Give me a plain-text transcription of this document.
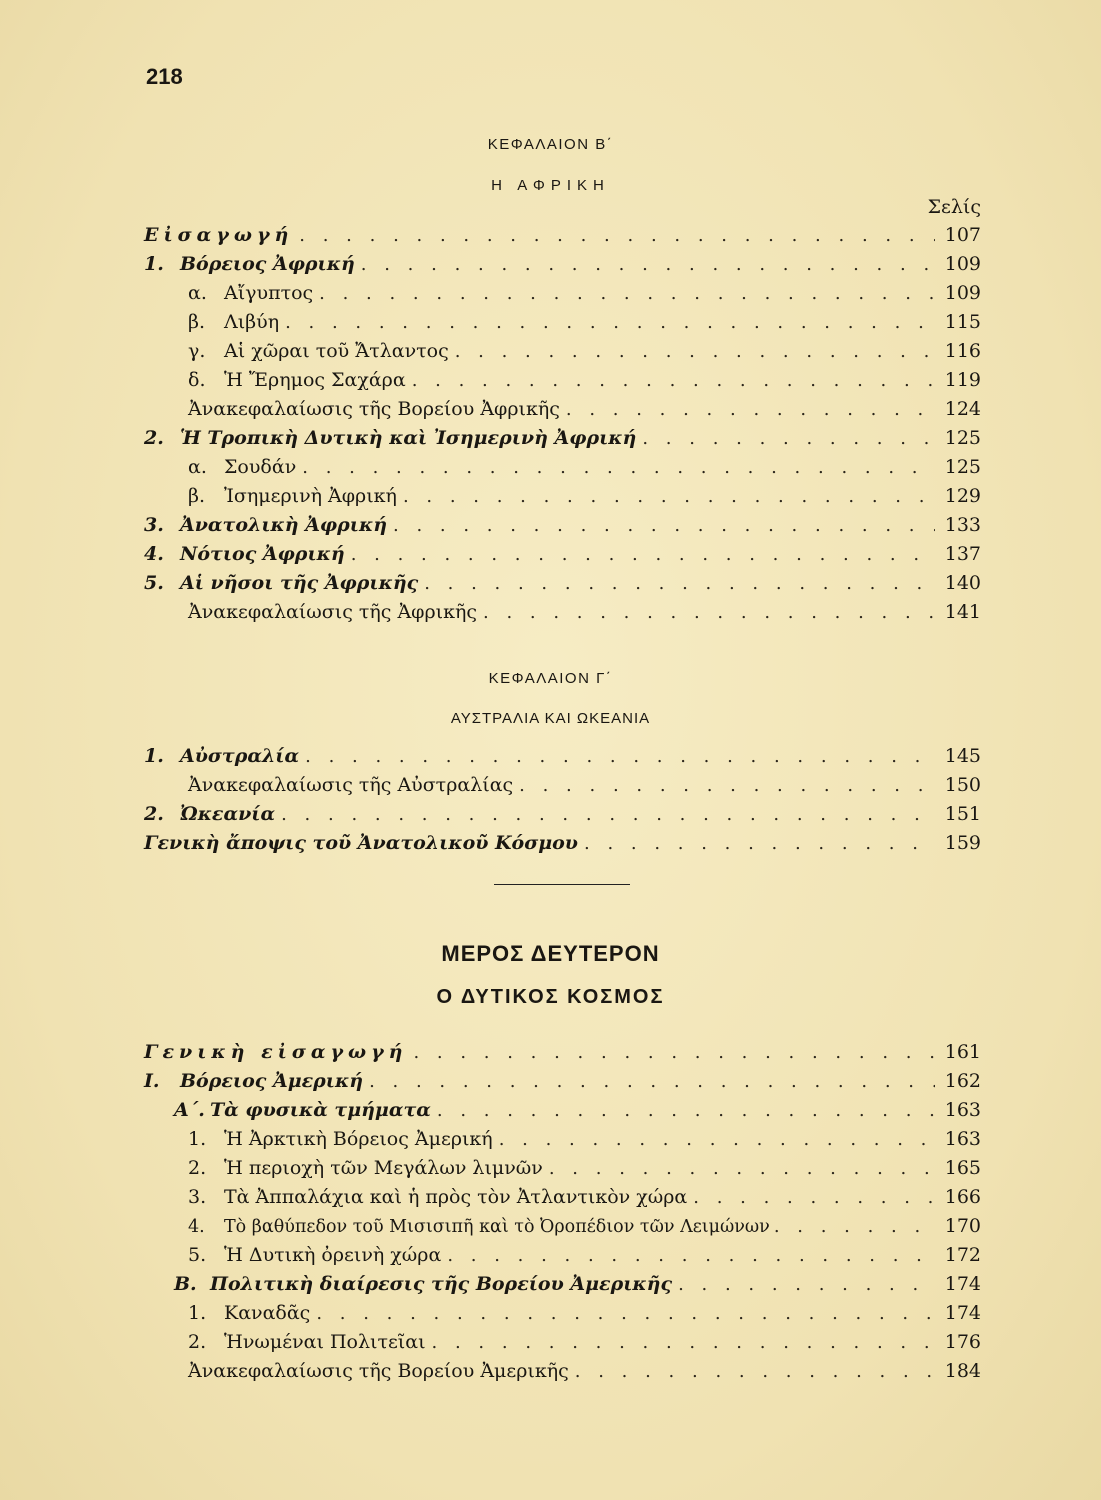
218
ΚΕΦΑΛΑΙΟΝ Β΄
Η ΑΦΡΙΚΗ
Σελίς
Εἰσαγωγή . . .	107
1. Βόρειος Ἀφρική . . .	109
α. Αἴγυπτος . . .	109
β. Λιβύη . . .	115
γ. Αἱ χῶραι τοῦ Ἄτλαντος . . .	116
δ. Ἡ Ἔρημος Σαχάρα . . .	119
Ἀνακεφαλαίωσις τῆς Βορείου Ἀφρικῆς . . .	124
2. Ἡ Τροπικὴ Δυτικὴ καὶ Ἰσημερινὴ Ἀφρική . . .	125
α. Σουδάν . . .	125
β. Ἰσημερινὴ Ἀφρική . . .	129
3. Ἀνατολικὴ Ἀφρική . . .	133
4. Νότιος Ἀφρική . . .	137
5. Αἱ νῆσοι τῆς Ἀφρικῆς . . .	140
Ἀνακεφαλαίωσις τῆς Ἀφρικῆς . . .	141
ΚΕΦΑΛΑΙΟΝ Γ΄
ΑΥΣΤΡΑΛΙΑ ΚΑΙ ΩΚΕΑΝΙΑ
1. Αὐστραλία . . .	145
Ἀνακεφαλαίωσις τῆς Αὐστραλίας . . .	150
2. Ὠκεανία . . .	151
Γενικὴ ἄποψις τοῦ Ἀνατολικοῦ Κόσμου . . .	159
ΜΕΡΟΣ ΔΕΥΤΕΡΟΝ
Ο ΔΥΤΙΚΟΣ ΚΟΣΜΟΣ
Γενικὴ εἰσαγωγή . . .	161
Ι. Βόρειος Ἀμερική . . .	162
Α΄. Τὰ φυσικὰ τμήματα . . .	163
1. Ἡ Ἀρκτικὴ Βόρειος Ἀμερική . . .	163
2. Ἡ περιοχὴ τῶν Μεγάλων λιμνῶν . . .	165
3. Τὰ Ἀππαλάχια καὶ ἡ πρὸς τὸν Ἀτλαντικὸν χώρα . . .	166
4. Τὸ βαθύπεδον τοῦ Μισισιπῆ καὶ τὸ Ὀροπέδιον τῶν Λειμώνων . . .	170
5. Ἡ Δυτικὴ ὀρεινὴ χώρα . . .	172
Β. Πολιτικὴ διαίρεσις τῆς Βορείου Ἀμερικῆς . . .	174
1. Καναδᾶς . . .	174
2. Ἡνωμέναι Πολιτεῖαι . . .	176
Ἀνακεφαλαίωσις τῆς Βορείου Ἀμερικῆς . . .	184
